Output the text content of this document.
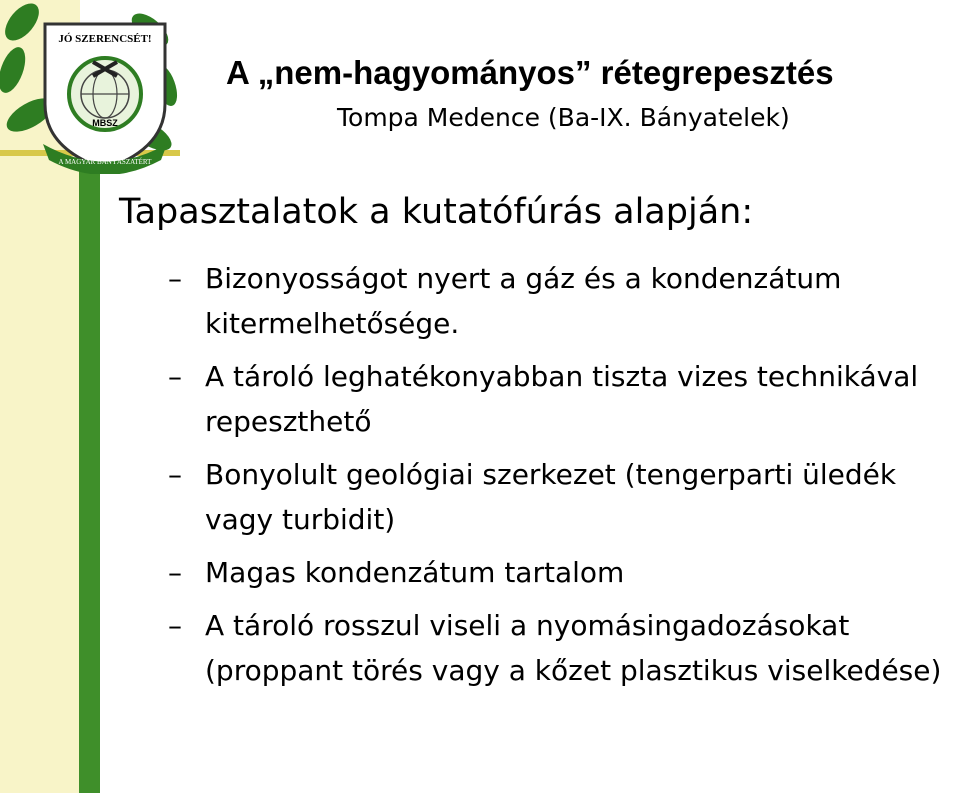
JÓ SZERENCSÉT!
MBSZ
A MAGYAR BÁNYÁSZATÉRT
A „nem-hagyományos” rétegrepesztés

Tompa Medence (Ba-IX. Bányatelek)

Tapasztalatok a kutatófúrás alapján:
– Bizonyosságot nyert a gáz és a kondenzátum kitermelhetősége.
– A tároló leghatékonyabban tiszta vizes technikával repeszthető
– Bonyolult geológiai szerkezet (tengerparti üledék vagy turbidit)
– Magas kondenzátum tartalom
– A tároló rosszul viseli a nyomásingadozásokat (proppant törés vagy a kőzet plasztikus viselkedése)
